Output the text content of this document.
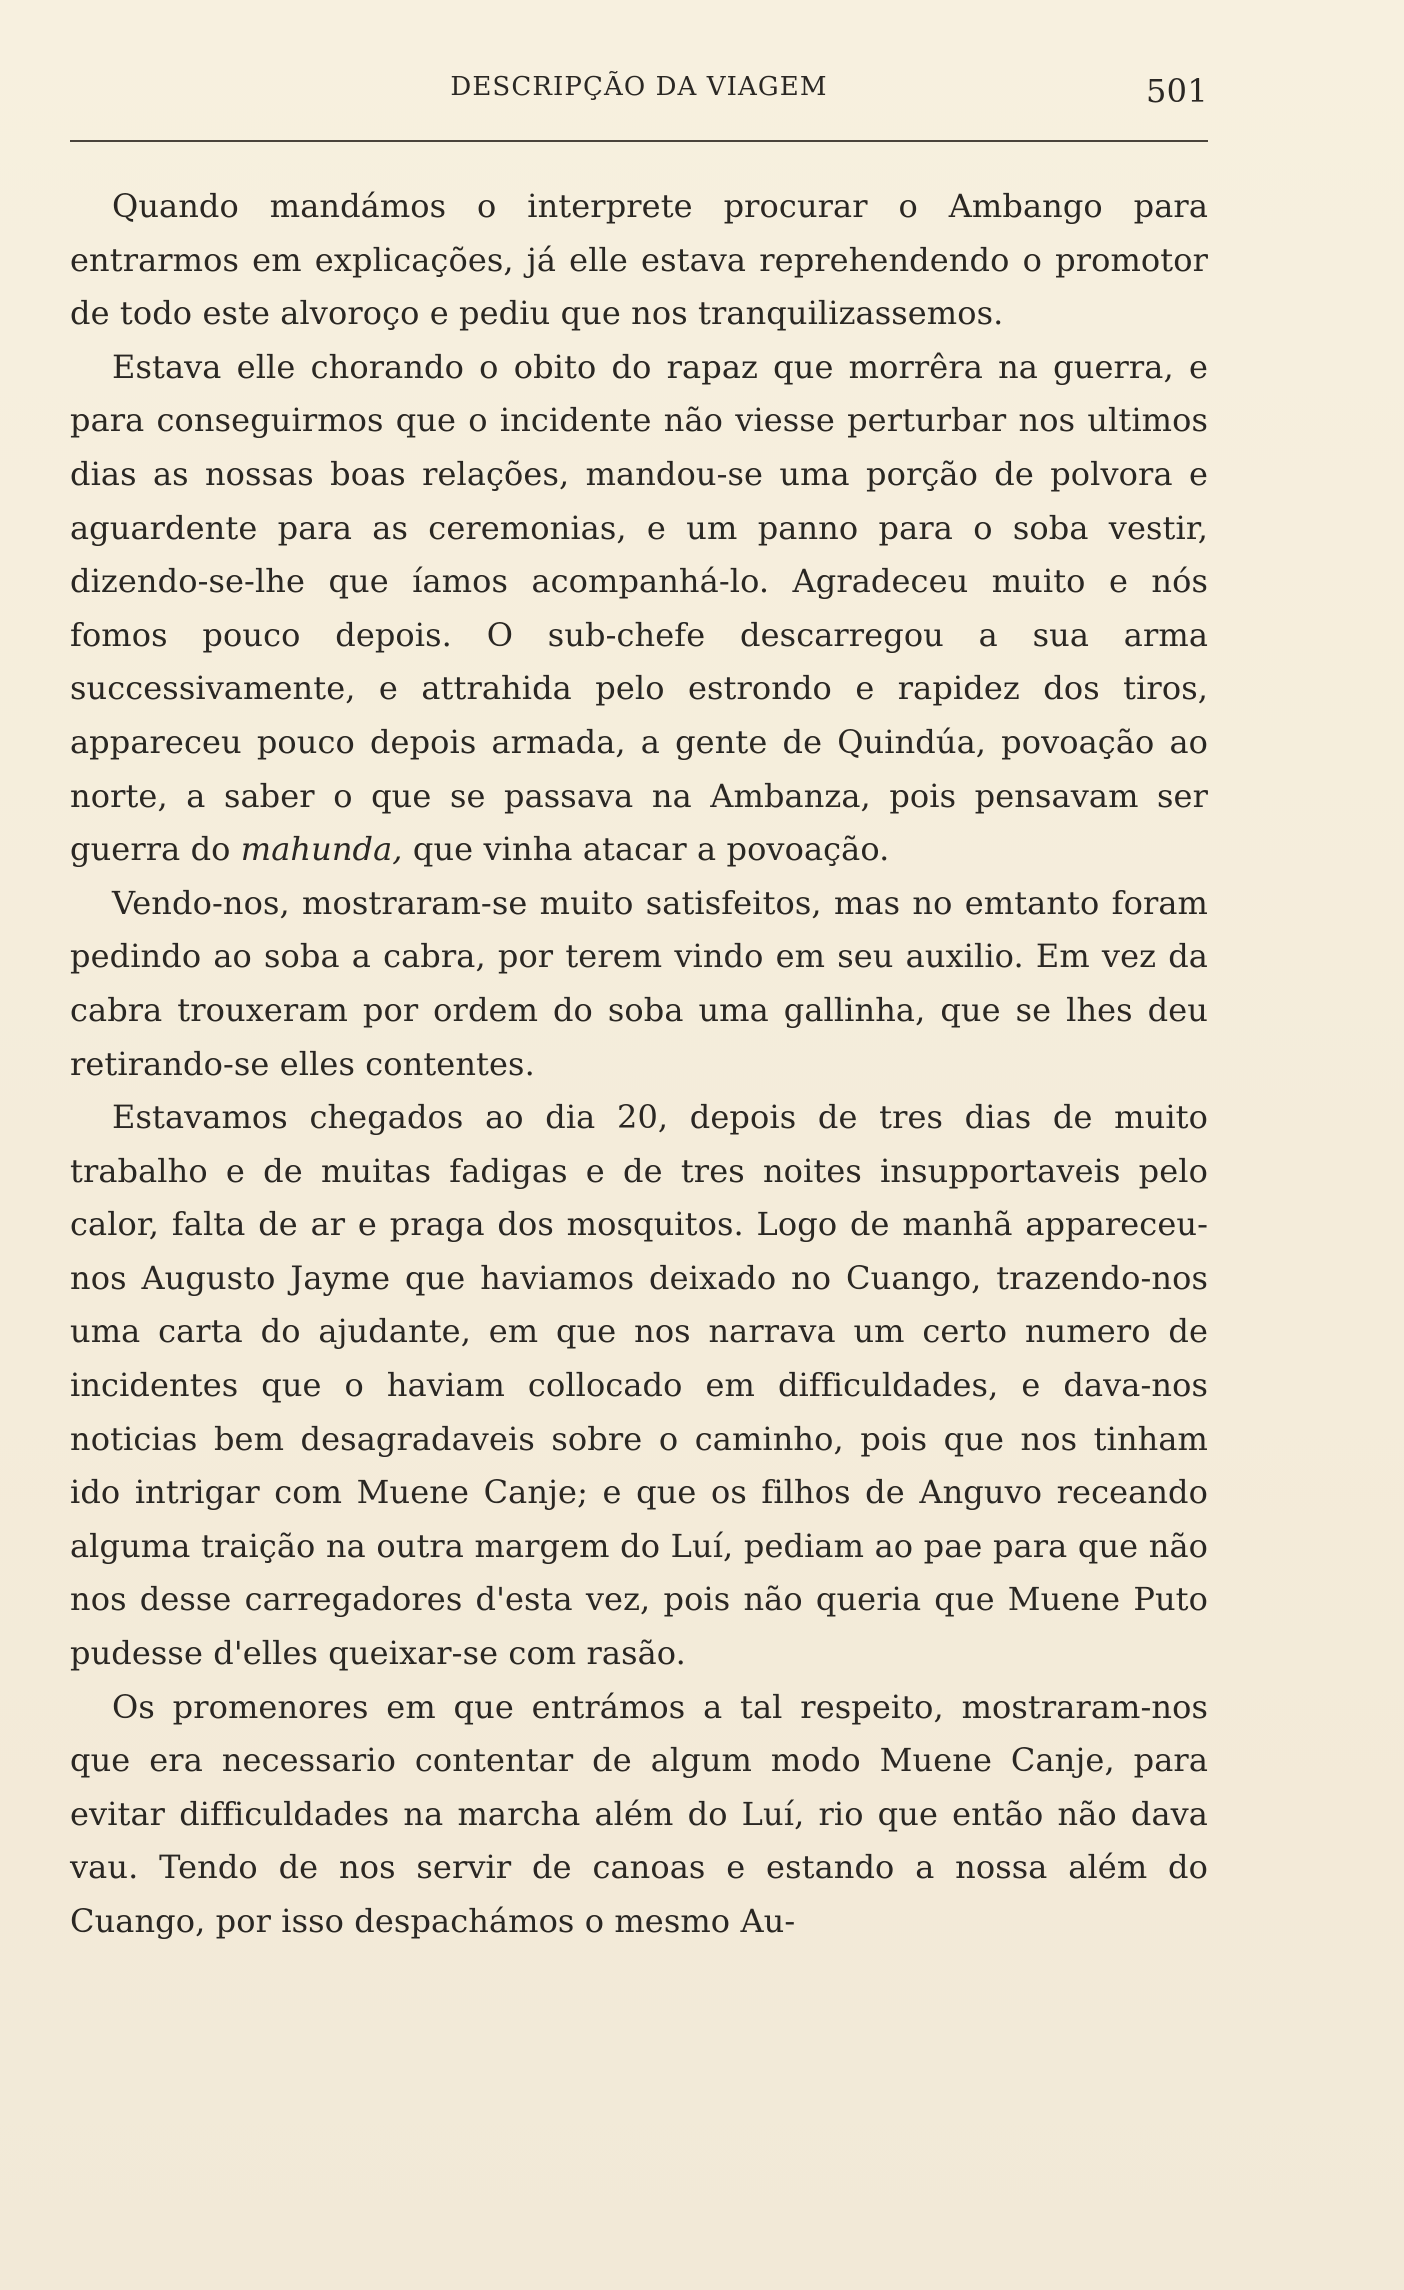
DESCRIPÇÃO DA VIAGEM	501

Quando mandámos o interprete procurar o Ambango para entrarmos em explicações, já elle estava reprehendendo o promotor de todo este alvoroço e pediu que nos tranquilizassemos.

Estava elle chorando o obito do rapaz que morrêra na guerra, e para conseguirmos que o incidente não viesse perturbar nos ultimos dias as nossas boas relações, mandou-se uma porção de polvora e aguardente para as ceremonias, e um panno para o soba vestir, dizendo-se-lhe que íamos acompanhá-lo. Agradeceu muito e nós fomos pouco depois. O sub-chefe descarregou a sua arma successivamente, e attrahida pelo estrondo e rapidez dos tiros, appareceu pouco depois armada, a gente de Quindúa, povoação ao norte, a saber o que se passava na Ambanza, pois pensavam ser guerra do mahunda, que vinha atacar a povoação.

Vendo-nos, mostraram-se muito satisfeitos, mas no emtanto foram pedindo ao soba a cabra, por terem vindo em seu auxilio. Em vez da cabra trouxeram por ordem do soba uma gallinha, que se lhes deu retirando-se elles contentes.

Estavamos chegados ao dia 20, depois de tres dias de muito trabalho e de muitas fadigas e de tres noites insupportaveis pelo calor, falta de ar e praga dos mosquitos. Logo de manhã appareceu-nos Augusto Jayme que haviamos deixado no Cuango, trazendo-nos uma carta do ajudante, em que nos narrava um certo numero de incidentes que o haviam collocado em difficuldades, e dava-nos noticias bem desagradaveis sobre o caminho, pois que nos tinham ido intrigar com Muene Canje; e que os filhos de Anguvo receando alguma traição na outra margem do Luí, pediam ao pae para que não nos desse carregadores d'esta vez, pois não queria que Muene Puto pudesse d'elles queixar-se com rasão.

Os promenores em que entrámos a tal respeito, mostraram-nos que era necessario contentar de algum modo Muene Canje, para evitar difficuldades na marcha além do Luí, rio que então não dava vau. Tendo de nos servir de canoas e estando a nossa além do Cuango, por isso despachámos o mesmo Au-
